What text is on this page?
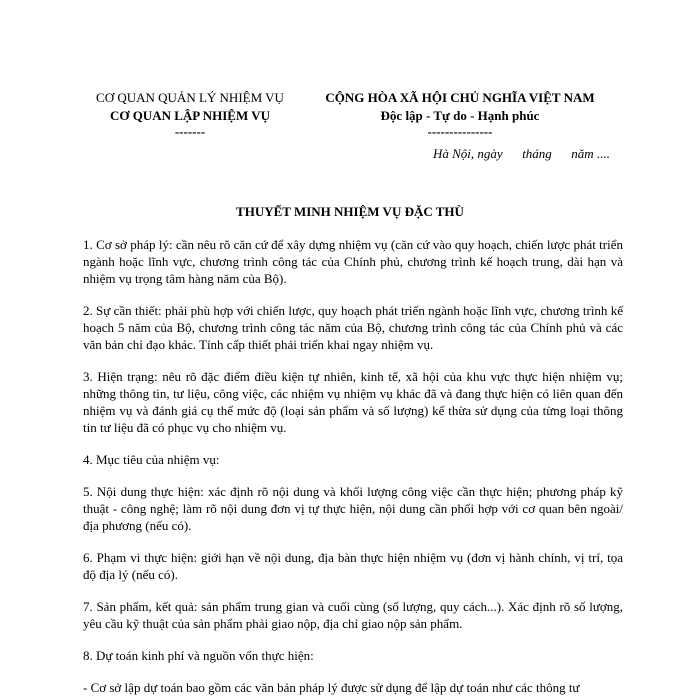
CƠ QUAN QUẢN LÝ NHIỆM VỤ
CƠ QUAN LẬP NHIỆM VỤ
-------
CỘNG HÒA XÃ HỘI CHỦ NGHĨA VIỆT NAM
Độc lập - Tự do - Hạnh phúc
---------------
Hà Nội, ngày      tháng      năm ....
THUYẾT MINH NHIỆM VỤ ĐẶC THÙ

1. Cơ sở pháp lý: cần nêu rõ căn cứ để xây dựng nhiệm vụ (căn cứ vào quy hoạch, chiến lược phát triển ngành hoặc lĩnh vực, chương trình công tác của Chính phủ, chương trình kế hoạch trung, dài hạn và nhiệm vụ trọng tâm hàng năm của Bộ).

2. Sự cần thiết: phải phù hợp với chiến lược, quy hoạch phát triển ngành hoặc lĩnh vực, chương trình kế hoạch 5 năm của Bộ, chương trình công tác năm của Bộ, chương trình công tác của Chính phủ và các văn bản chỉ đạo khác. Tính cấp thiết phải triển khai ngay nhiệm vụ.

3. Hiện trạng: nêu rõ đặc điểm điều kiện tự nhiên, kinh tế, xã hội của khu vực thực hiện nhiệm vụ; những thông tin, tư liệu, công việc, các nhiệm vụ nhiệm vụ khác đã và đang thực hiện có liên quan đến nhiệm vụ và đánh giá cụ thể mức độ (loại sản phẩm và số lượng) kế thừa sử dụng của từng loại thông tin tư liệu đã có phục vụ cho nhiệm vụ.

4. Mục tiêu của nhiệm vụ:

5. Nội dung thực hiện: xác định rõ nội dung và khối lượng công việc cần thực hiện; phương pháp kỹ thuật - công nghệ; làm rõ nội dung đơn vị tự thực hiện, nội dung cần phối hợp với cơ quan bên ngoài/địa phương (nếu có).

6. Phạm vi thực hiện: giới hạn về nội dung, địa bàn thực hiện nhiệm vụ (đơn vị hành chính, vị trí, tọa độ địa lý (nếu có).

7. Sản phẩm, kết quả: sản phẩm trung gian và cuối cùng (số lượng, quy cách...). Xác định rõ số lượng, yêu cầu kỹ thuật của sản phẩm phải giao nộp, địa chỉ giao nộp sản phẩm.

8. Dự toán kinh phí và nguồn vốn thực hiện:

- Cơ sở lập dự toán bao gồm các văn bản pháp lý được sử dụng để lập dự toán như các thông tư
